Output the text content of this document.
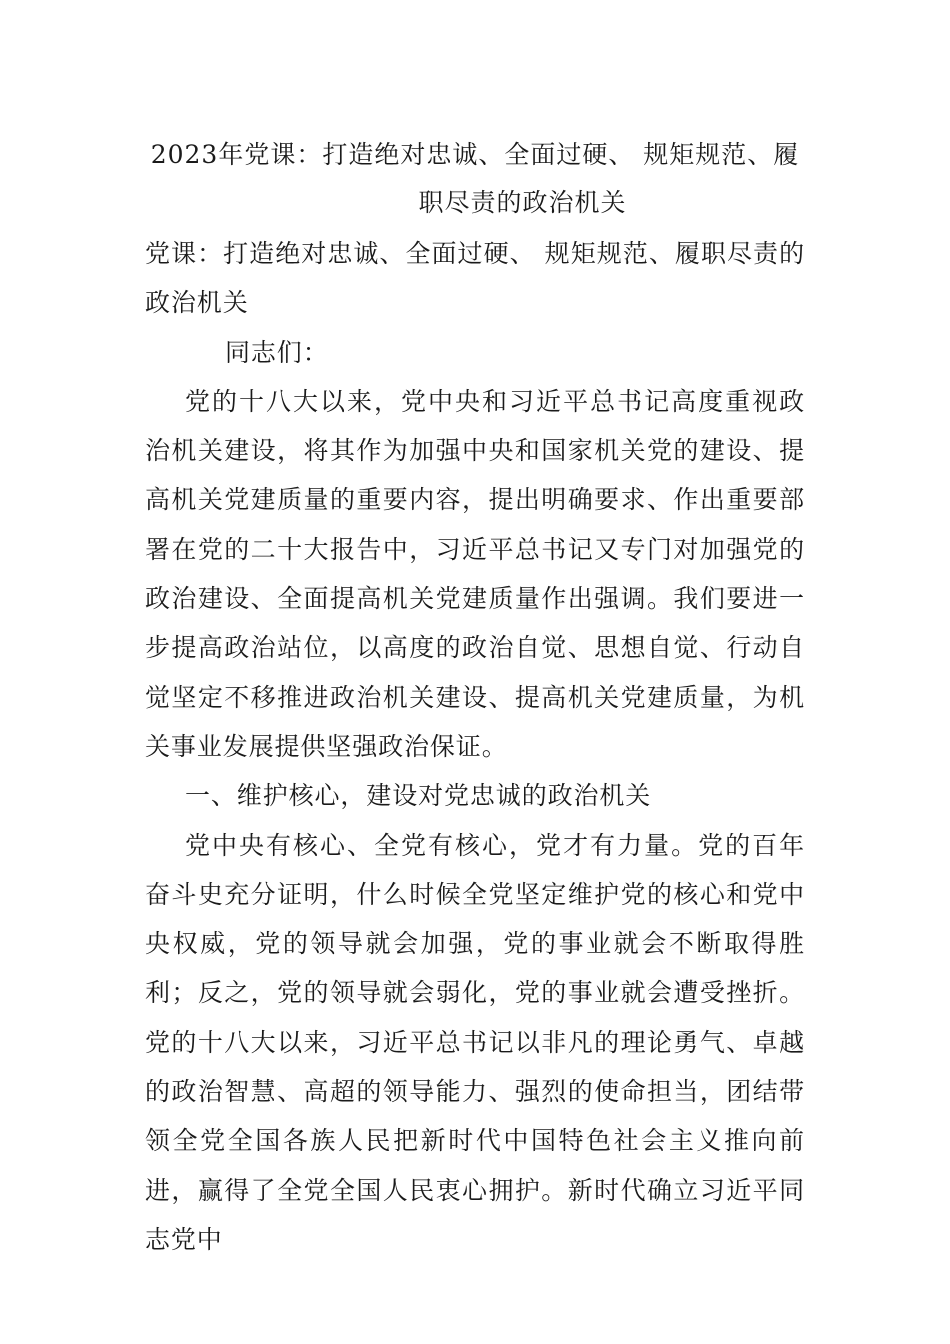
2023年党课：打造绝对忠诚、全面过硬、 规矩规范、履
职尽责的政治机关

党课：打造绝对忠诚、全面过硬、 规矩规范、履职尽责的政治机关

同志们：

党的十八大以来，党中央和习近平总书记高度重视政治机关建设，将其作为加强中央和国家机关党的建设、提高机关党建质量的重要内容，提出明确要求、作出重要部署在党的二十大报告中，习近平总书记又专门对加强党的政治建设、全面提高机关党建质量作出强调。我们要进一步提高政治站位，以高度的政治自觉、思想自觉、行动自觉坚定不移推进政治机关建设、提高机关党建质量，为机关事业发展提供坚强政治保证。

一、维护核心，建设对党忠诚的政治机关

党中央有核心、全党有核心，党才有力量。党的百年奋斗史充分证明，什么时候全党坚定维护党的核心和党中央权威，党的领导就会加强，党的事业就会不断取得胜利；反之，党的领导就会弱化，党的事业就会遭受挫折。党的十八大以来，习近平总书记以非凡的理论勇气、卓越的政治智慧、高超的领导能力、强烈的使命担当，团结带领全党全国各族人民把新时代中国特色社会主义推向前进，赢得了全党全国人民衷心拥护。新时代确立习近平同志党中
